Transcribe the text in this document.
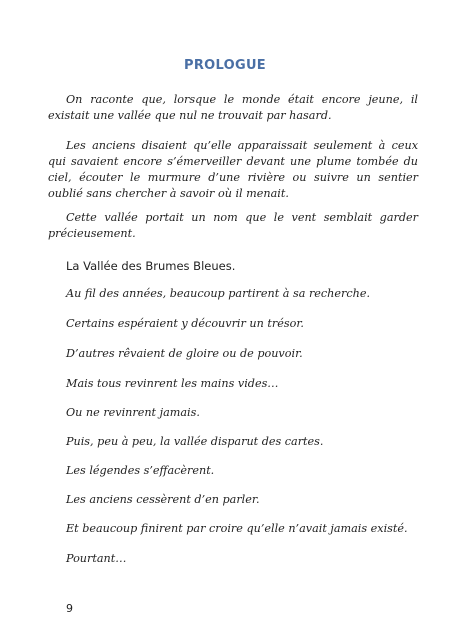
PROLOGUE

On raconte que, lorsque le monde était encore jeune, il existait une vallée que nul ne trouvait par hasard.

Les anciens disaient qu’elle apparaissait seulement à ceux qui savaient encore s’émerveiller devant une plume tombée du ciel, écouter le murmure d’une rivière ou suivre un sentier oublié sans chercher à savoir où il menait.

Cette vallée portait un nom que le vent semblait garder précieusement.

La Vallée des Brumes Bleues.

Au fil des années, beaucoup partirent à sa recherche.

Certains espéraient y découvrir un trésor.

D’autres rêvaient de gloire ou de pouvoir.

Mais tous revinrent les mains vides…

Ou ne revinrent jamais.

Puis, peu à peu, la vallée disparut des cartes.

Les légendes s’effacèrent.

Les anciens cessèrent d’en parler.

Et beaucoup finirent par croire qu’elle n’avait jamais existé.

Pourtant…

9
